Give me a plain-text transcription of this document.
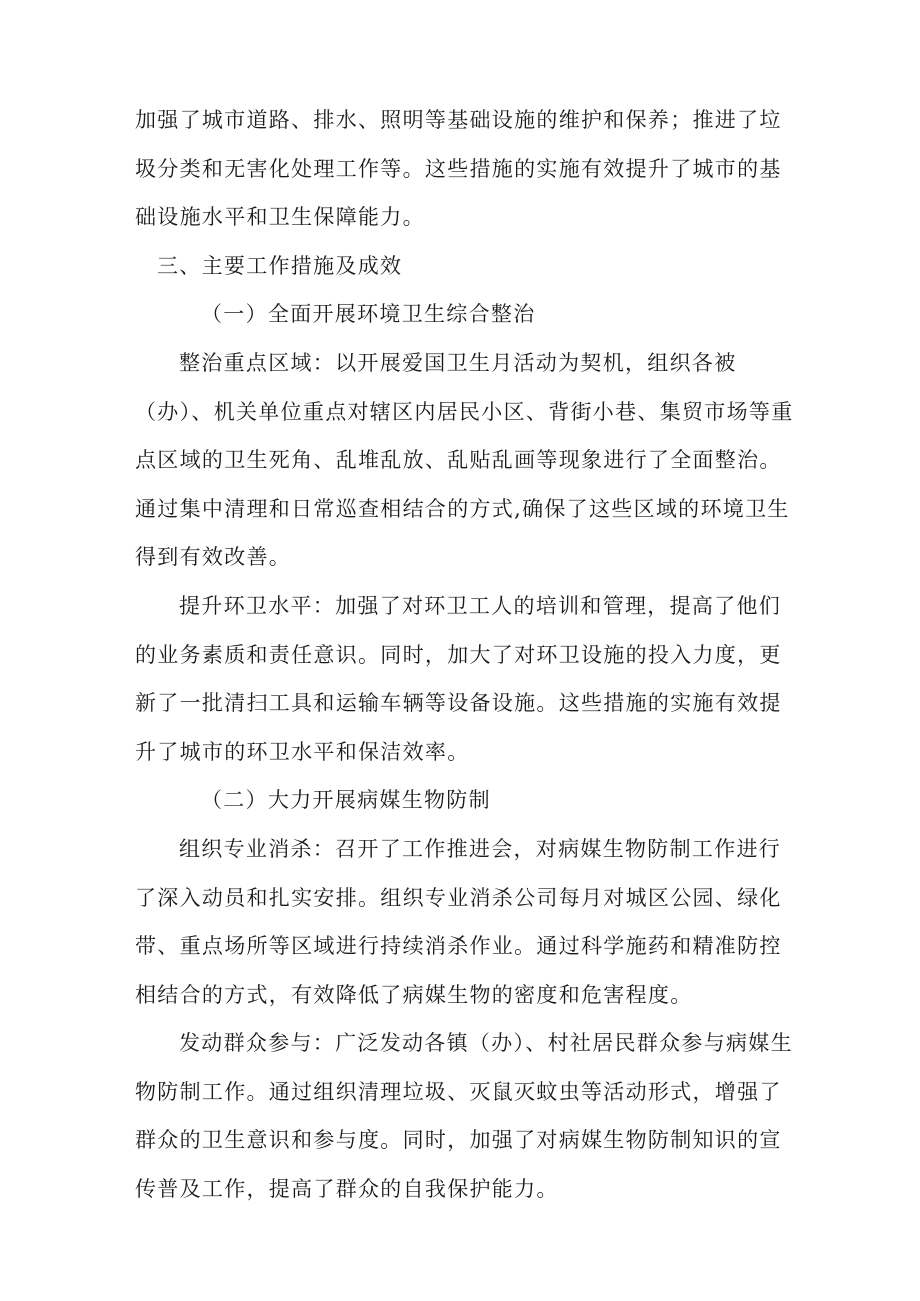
加强了城市道路、排水、照明等基础设施的维护和保养；推进了垃圾分类和无害化处理工作等。这些措施的实施有效提升了城市的基础设施水平和卫生保障能力。

三、主要工作措施及成效

（一）全面开展环境卫生综合整治

整治重点区域：以开展爱国卫生月活动为契机，组织各被（办）、机关单位重点对辖区内居民小区、背街小巷、集贸市场等重点区域的卫生死角、乱堆乱放、乱贴乱画等现象进行了全面整治。通过集中清理和日常巡查相结合的方式,确保了这些区域的环境卫生得到有效改善。

提升环卫水平：加强了对环卫工人的培训和管理，提高了他们的业务素质和责任意识。同时，加大了对环卫设施的投入力度，更新了一批清扫工具和运输车辆等设备设施。这些措施的实施有效提升了城市的环卫水平和保洁效率。

（二）大力开展病媒生物防制

组织专业消杀：召开了工作推进会，对病媒生物防制工作进行了深入动员和扎实安排。组织专业消杀公司每月对城区公园、绿化带、重点场所等区域进行持续消杀作业。通过科学施药和精准防控相结合的方式，有效降低了病媒生物的密度和危害程度。

发动群众参与：广泛发动各镇（办）、村社居民群众参与病媒生物防制工作。通过组织清理垃圾、灭鼠灭蚊虫等活动形式，增强了群众的卫生意识和参与度。同时，加强了对病媒生物防制知识的宣传普及工作，提高了群众的自我保护能力。
